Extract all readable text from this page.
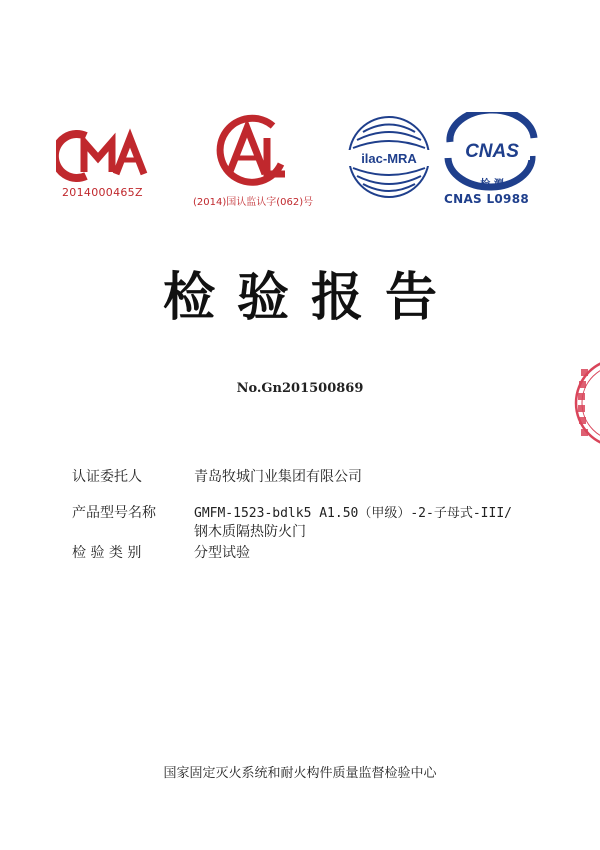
2014000465Z
(2014)国认监认字(062)号
ilac-MRA	CNAS
检 测
CNAS L0988
检验报告
No.Gn201500869
认证委托人	青岛牧城门业集团有限公司
产品型号名称	GMFM-1523-bdlk5 A1.50（甲级）-2-子母式-III/
钢木质隔热防火门
检 验 类 别	分型试验
国家固定灭火系统和耐火构件质量监督检验中心
